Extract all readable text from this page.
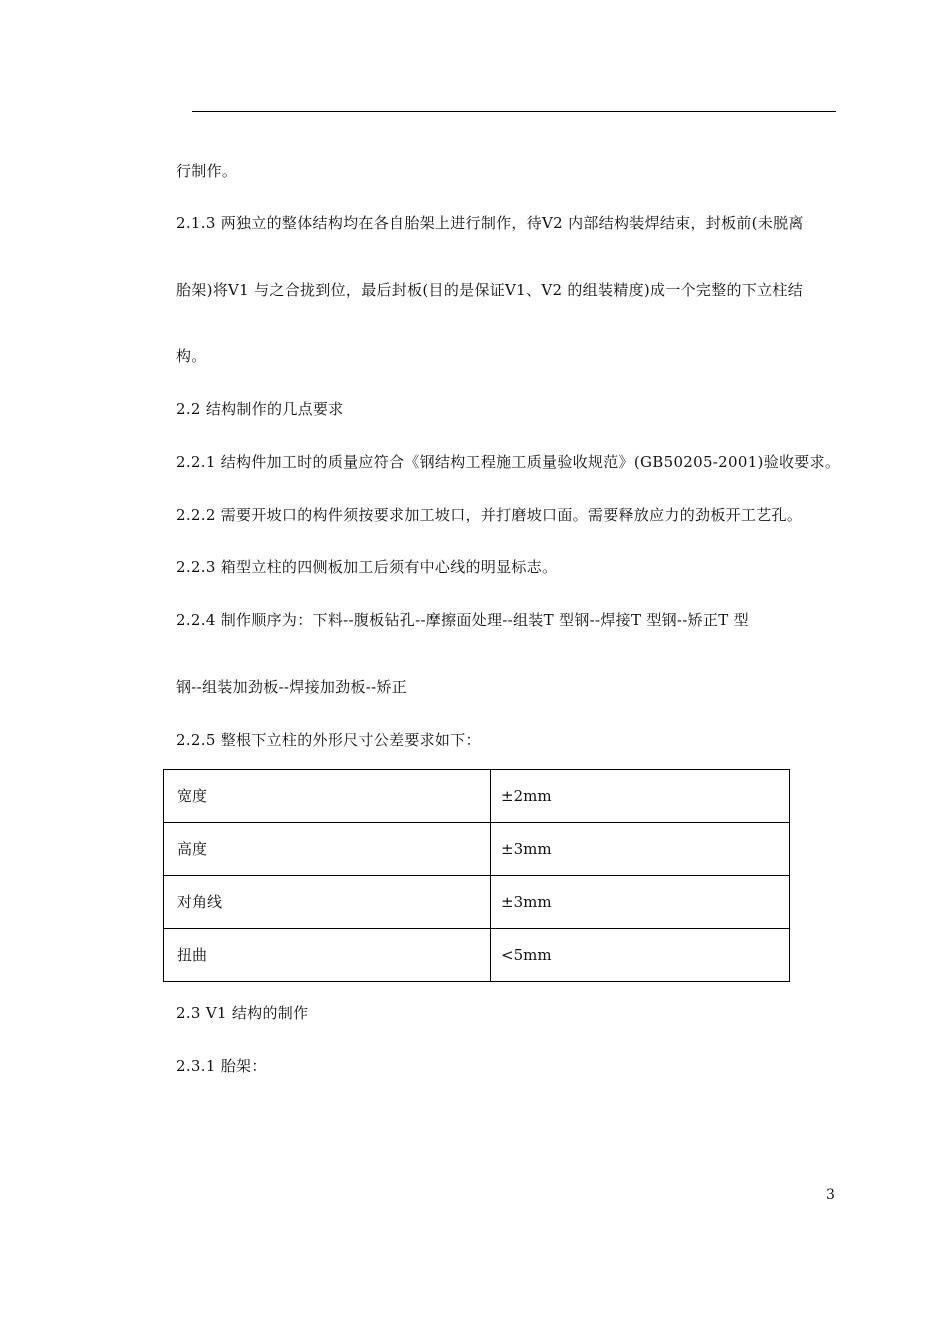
行制作。
2.1.3 两独立的整体结构均在各自胎架上进行制作，待V2 内部结构装焊结束，封板前(未脱离
胎架)将V1 与之合拢到位，最后封板(目的是保证V1、V2 的组装精度)成一个完整的下立柱结
构。
2.2 结构制作的几点要求
2.2.1 结构件加工时的质量应符合《钢结构工程施工质量验收规范》(GB50205-2001)验收要求。
2.2.2 需要开坡口的构件须按要求加工坡口，并打磨坡口面。需要释放应力的劲板开工艺孔。
2.2.3 箱型立柱的四侧板加工后须有中心线的明显标志。
2.2.4 制作顺序为：下料--腹板钻孔--摩擦面处理--组装T 型钢--焊接T 型钢--矫正T 型
钢--组装加劲板--焊接加劲板--矫正
2.2.5 整根下立柱的外形尺寸公差要求如下：
宽度	±2mm
高度	±3mm
对角线	±3mm
扭曲	<5mm
2.3 V1 结构的制作
2.3.1 胎架：
3
